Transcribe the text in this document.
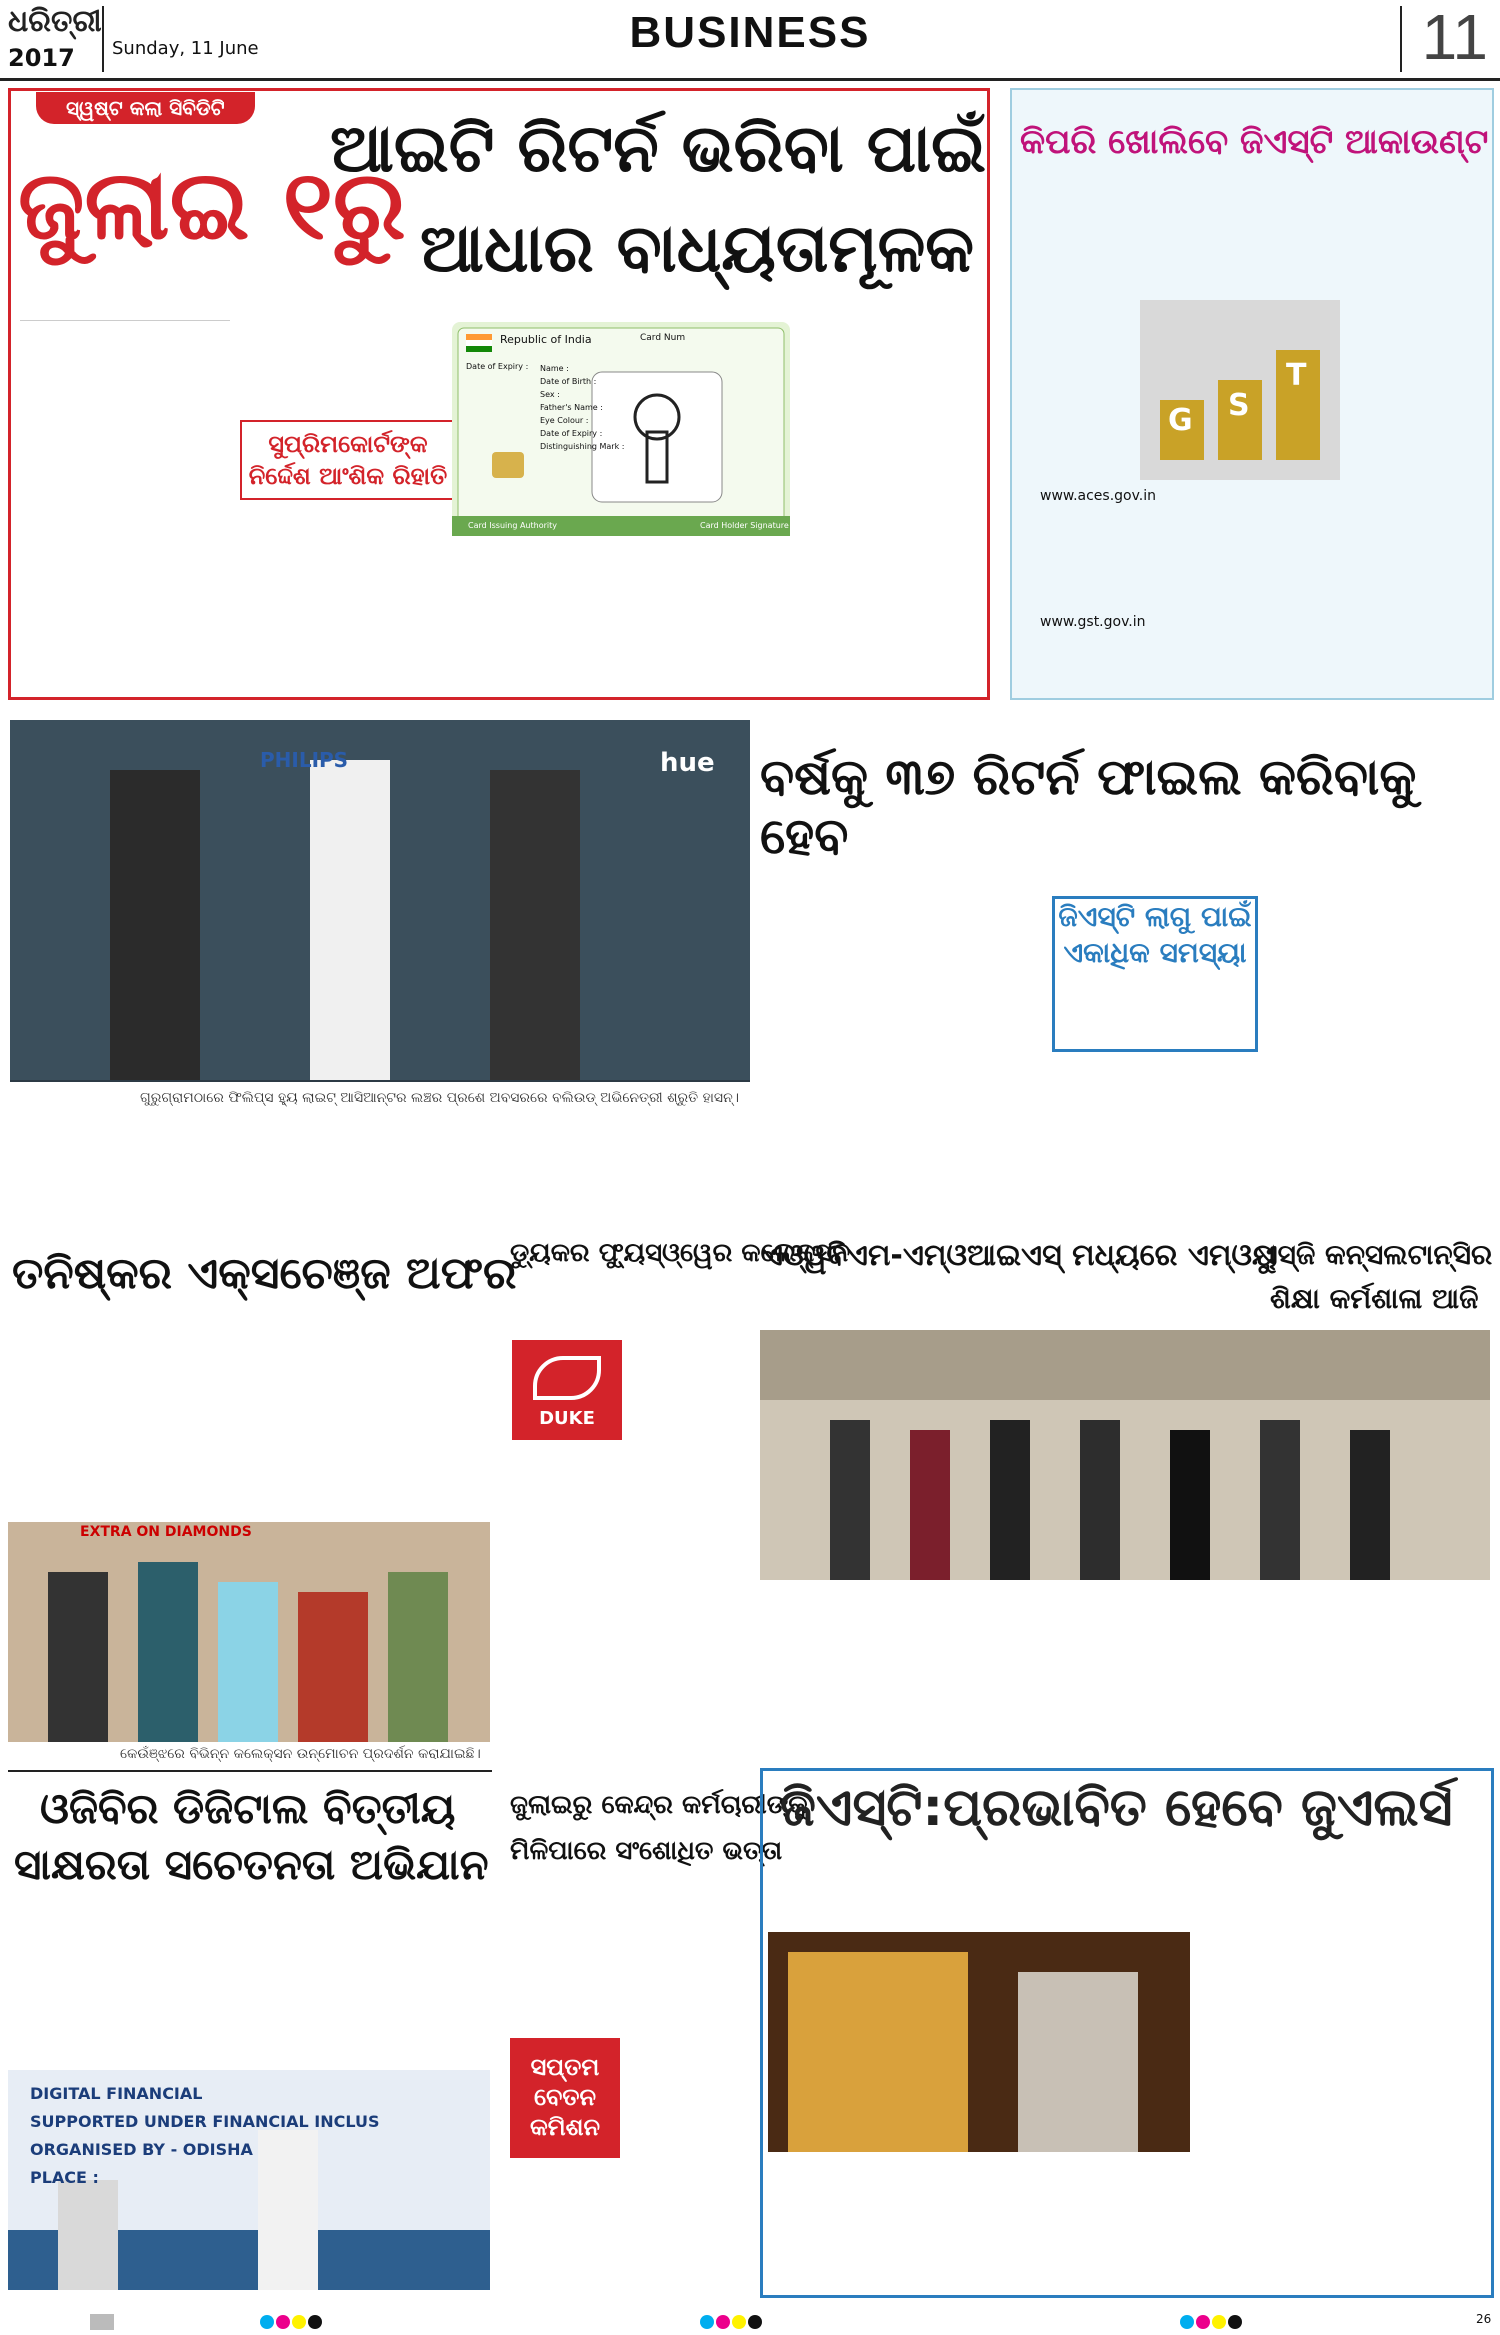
ଧରିତ୍ରୀ
2017 Sunday, 11 June	BUSINESS	11
ସ୍ୱଷ୍ଟ କଲା ସିବିଡିଟି
ଜୁଲାଇ ୧ରୁ
ଆଇଟି ରିଟର୍ନ ଭରିବା ପାଇଁ
ଆଧାର ବାଧ୍ୟତାମୂଳକ
ସୁପ୍ରିମକୋର୍ଟଙ୍କ ନିର୍ଦ୍ଦେଶ ଆଂଶିକ ରିହାତି
Republic of India	Card Num
Date of Expiry : Name :
Date of Birth :
Sex :
Father's Name :
Eye Colour :
Date of Expiry :
Distinguishing Mark :
Card Issuing Authority	Card Holder Signature
କିପରି ଖୋଲିବେ ଜିଏସ୍‌ଟି ଆକାଉଣ୍ଟ
G S
T
www.aces.gov.in
www.gst.gov.in
hue
PHILIPS
ଗୁରୁଗ୍ରାମଠାରେ ଫିଲିପ୍ସ ହ୍ୟୁ ଲାଇଟ୍ ଆସିଆନ୍ଟର ଲଞ୍ଚର ପ୍ରଶେ ଅବସରରେ ବଲିଉଡ୍ ଅଭିନେତ୍ରୀ ଶ୍ରୁତି ହାସନ୍।
ବର୍ଷକୁ ୩୭ ରିଟର୍ନ ଫାଇଲ କରିବାକୁ ହେବ
ଜିଏସ୍‌ଟି ଲାଗୁ ପାଇଁ ଏକାଧିକ ସମସ୍ୟା
ତନିଷ୍କର ଏକ୍ସଚେଞ୍ଜ ଅଫର
EXTRA ON DIAMONDS
କେଉଁଞ୍ଝରେ ବିଭିନ୍ନ କଲେକ୍ସନ ଉନ୍ମୋଚନ ପ୍ରଦର୍ଶନ କରାଯାଇଛି।
ଡ୍ୟୁକର ଫ୍ୟୁସ୍‌ଓ୍ୱେର କଲେକ୍ସନ
DUKE
ଏଓ୍ୱବିଏମ-ଏମ୍‌ଓଆଇଏସ୍ ମଧ୍ୟରେ ଏମ୍‌ଓୟୁ
ଏସ୍‌ଜି କନ୍‌ସଲଟାନ୍ସିର
ଶିକ୍ଷା କର୍ମଶାଳା ଆଜି
ଓଜିବିର ଡିଜିଟାଲ ବିତ୍ତୀୟ
ସାକ୍ଷରତା ସଚେତନତା ଅଭିଯାନ
DIGITAL FINANCIAL
SUPPORTED UNDER FINANCIAL INCLUS
ORGANISED BY - ODISHA
PLACE :
ଜୁଲାଇରୁ କେନ୍ଦ୍ର କର୍ମଚାରୀଙ୍କୁ
ମିଳିପାରେ ସଂଶୋଧିତ ଭତ୍ତା
ସପ୍ତମ ବେତନ କମିଶନ
ଜିଏସ୍‌ଟି:ପ୍ରଭାବିତ ହେବେ ଜୁଏଲର୍ସ
26
